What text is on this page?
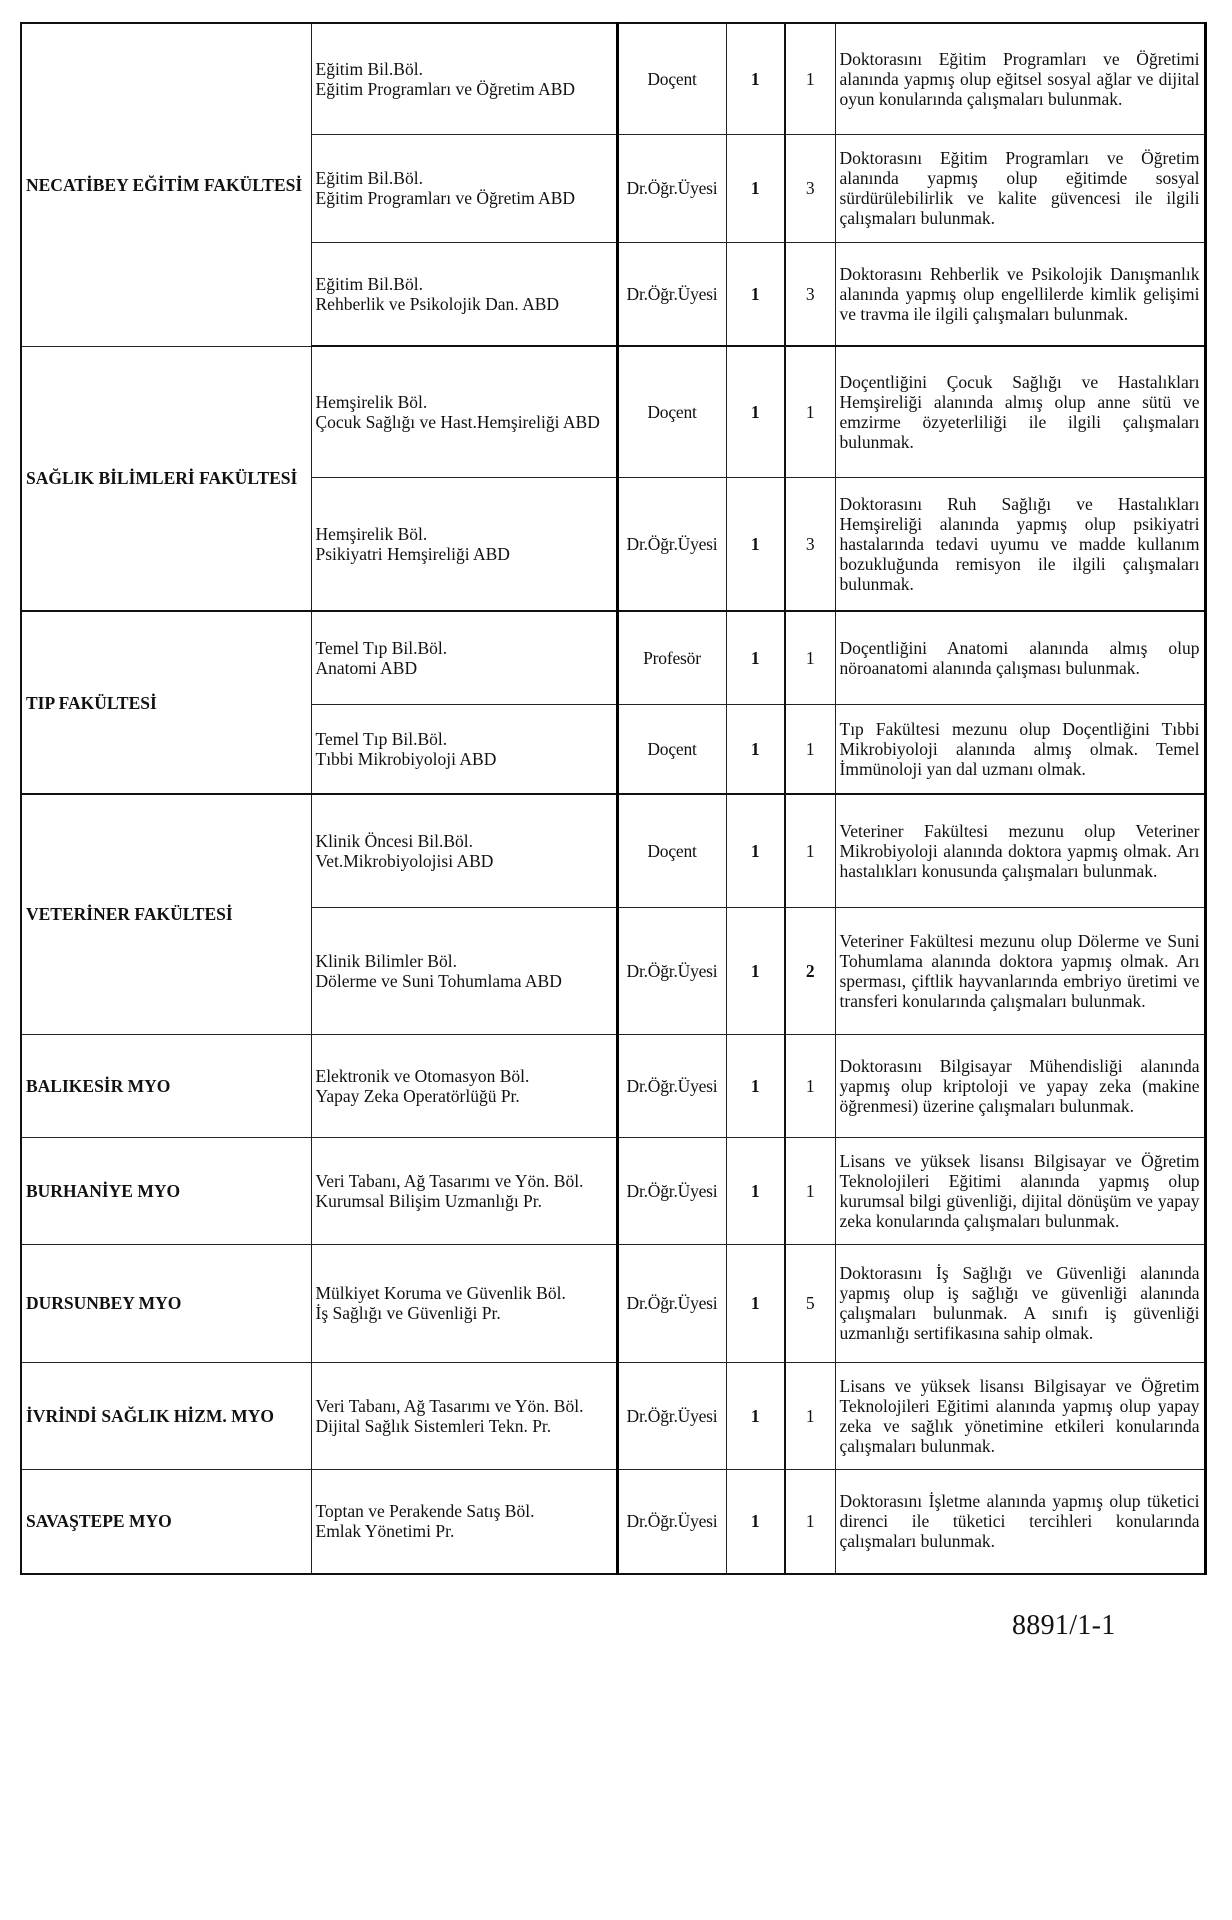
NECATİBEY EĞİTİM FAKÜLTESİ	Eğitim Bil.Böl.
Eğitim Programları ve Öğretim ABD	Doçent	1	1	Doktorasını Eğitim Programları ve Öğretimi alanında yapmış olup eğitsel sosyal ağlar ve dijital oyun konularında çalışmaları bulunmak.
	Eğitim Bil.Böl.
Eğitim Programları ve Öğretim ABD	Dr.Öğr.Üyesi	1	3	Doktorasını Eğitim Programları ve Öğretim alanında yapmış olup eğitimde sosyal sürdürülebilirlik ve kalite güvencesi ile ilgili çalışmaları bulunmak.
	Eğitim Bil.Böl.
Rehberlik ve Psikolojik Dan. ABD	Dr.Öğr.Üyesi	1	3	Doktorasını Rehberlik ve Psikolojik Danışmanlık alanında yapmış olup engellilerde kimlik gelişimi ve travma ile ilgili çalışmaları bulunmak.
SAĞLIK BİLİMLERİ FAKÜLTESİ	Hemşirelik Böl.
Çocuk Sağlığı ve Hast.Hemşireliği ABD	Doçent	1	1	Doçentliğini Çocuk Sağlığı ve Hastalıkları Hemşireliği alanında almış olup anne sütü ve emzirme özyeterliliği ile ilgili çalışmaları bulunmak.
	Hemşirelik Böl.
Psikiyatri Hemşireliği ABD	Dr.Öğr.Üyesi	1	3	Doktorasını Ruh Sağlığı ve Hastalıkları Hemşireliği alanında yapmış olup psikiyatri hastalarında tedavi uyumu ve madde kullanım bozukluğunda remisyon ile ilgili çalışmaları bulunmak.
TIP FAKÜLTESİ	Temel Tıp Bil.Böl.
Anatomi ABD	Profesör	1	1	Doçentliğini Anatomi alanında almış olup nöroanatomi alanında çalışması bulunmak.
	Temel Tıp Bil.Böl.
Tıbbi Mikrobiyoloji ABD	Doçent	1	1	Tıp Fakültesi mezunu olup Doçentliğini Tıbbi Mikrobiyoloji alanında almış olmak. Temel İmmünoloji yan dal uzmanı olmak.
VETERİNER FAKÜLTESİ	Klinik Öncesi Bil.Böl.
Vet.Mikrobiyolojisi ABD	Doçent	1	1	Veteriner Fakültesi mezunu olup Veteriner Mikrobiyoloji alanında doktora yapmış olmak. Arı hastalıkları konusunda çalışmaları bulunmak.
	Klinik Bilimler Böl.
Dölerme ve Suni Tohumlama ABD	Dr.Öğr.Üyesi	1	2	Veteriner Fakültesi mezunu olup Dölerme ve Suni Tohumlama alanında doktora yapmış olmak. Arı sperması, çiftlik hayvanlarında embriyo üretimi ve transferi konularında çalışmaları bulunmak.
BALIKESİR MYO	Elektronik ve Otomasyon Böl.
Yapay Zeka Operatörlüğü Pr.	Dr.Öğr.Üyesi	1	1	Doktorasını Bilgisayar Mühendisliği alanında yapmış olup kriptoloji ve yapay zeka (makine öğrenmesi) üzerine çalışmaları bulunmak.
BURHANİYE MYO	Veri Tabanı, Ağ Tasarımı ve Yön. Böl.
Kurumsal Bilişim Uzmanlığı Pr.	Dr.Öğr.Üyesi	1	1	Lisans ve yüksek lisansı Bilgisayar ve Öğretim Teknolojileri Eğitimi alanında yapmış olup kurumsal bilgi güvenliği, dijital dönüşüm ve yapay zeka konularında çalışmaları bulunmak.
DURSUNBEY MYO	Mülkiyet Koruma ve Güvenlik Böl.
İş Sağlığı ve Güvenliği Pr.	Dr.Öğr.Üyesi	1	5	Doktorasını İş Sağlığı ve Güvenliği alanında yapmış olup iş sağlığı ve güvenliği alanında çalışmaları bulunmak. A sınıfı iş güvenliği uzmanlığı sertifikasına sahip olmak.
İVRİNDİ SAĞLIK HİZM. MYO	Veri Tabanı, Ağ Tasarımı ve Yön. Böl.
Dijital Sağlık Sistemleri Tekn. Pr.	Dr.Öğr.Üyesi	1	1	Lisans ve yüksek lisansı Bilgisayar ve Öğretim Teknolojileri Eğitimi alanında yapmış olup yapay zeka ve sağlık yönetimine etkileri konularında çalışmaları bulunmak.
SAVAŞTEPE MYO	Toptan ve Perakende Satış Böl.
Emlak Yönetimi Pr.	Dr.Öğr.Üyesi	1	1	Doktorasını İşletme alanında yapmış olup tüketici direnci ile tüketici tercihleri konularında çalışmaları bulunmak.
8891/1-1
